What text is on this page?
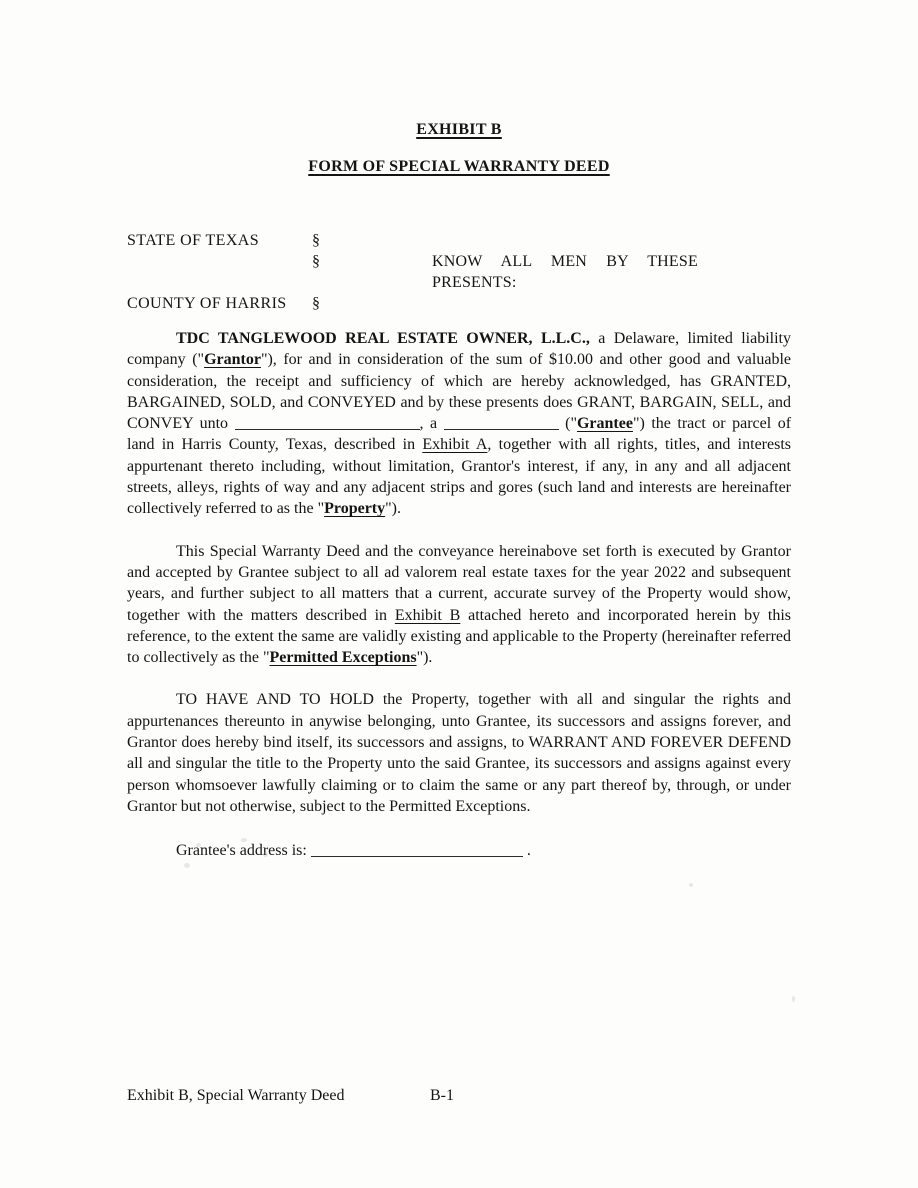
EXHIBIT B
FORM OF SPECIAL WARRANTY DEED
STATE OF TEXAS	§
§	KNOW ALL MEN BY THESE PRESENTS:
COUNTY OF HARRIS	§

TDC TANGLEWOOD REAL ESTATE OWNER, L.L.C., a Delaware, limited liability company ("Grantor"), for and in consideration of the sum of $10.00 and other good and valuable consideration, the receipt and sufficiency of which are hereby acknowledged, has GRANTED, BARGAINED, SOLD, and CONVEYED and by these presents does GRANT, BARGAIN, SELL, and CONVEY unto	, a	("Grantee") the tract or parcel of land in Harris County, Texas, described in Exhibit A, together with all rights, titles, and interests appurtenant thereto including, without limitation, Grantor's interest, if any, in any and all adjacent streets, alleys, rights of way and any adjacent strips and gores (such land and interests are hereinafter collectively referred to as the "Property").

This Special Warranty Deed and the conveyance hereinabove set forth is executed by Grantor and accepted by Grantee subject to all ad valorem real estate taxes for the year 2022 and subsequent years, and further subject to all matters that a current, accurate survey of the Property would show, together with the matters described in Exhibit B attached hereto and incorporated herein by this reference, to the extent the same are validly existing and applicable to the Property (hereinafter referred to collectively as the "Permitted Exceptions").

TO HAVE AND TO HOLD the Property, together with all and singular the rights and appurtenances thereunto in anywise belonging, unto Grantee, its successors and assigns forever, and Grantor does hereby bind itself, its successors and assigns, to WARRANT AND FOREVER DEFEND all and singular the title to the Property unto the said Grantee, its successors and assigns against every person whomsoever lawfully claiming or to claim the same or any part thereof by, through, or under Grantor but not otherwise, subject to the Permitted Exceptions.

Grantee's address is:	.
Exhibit B, Special Warranty Deed	B-1
